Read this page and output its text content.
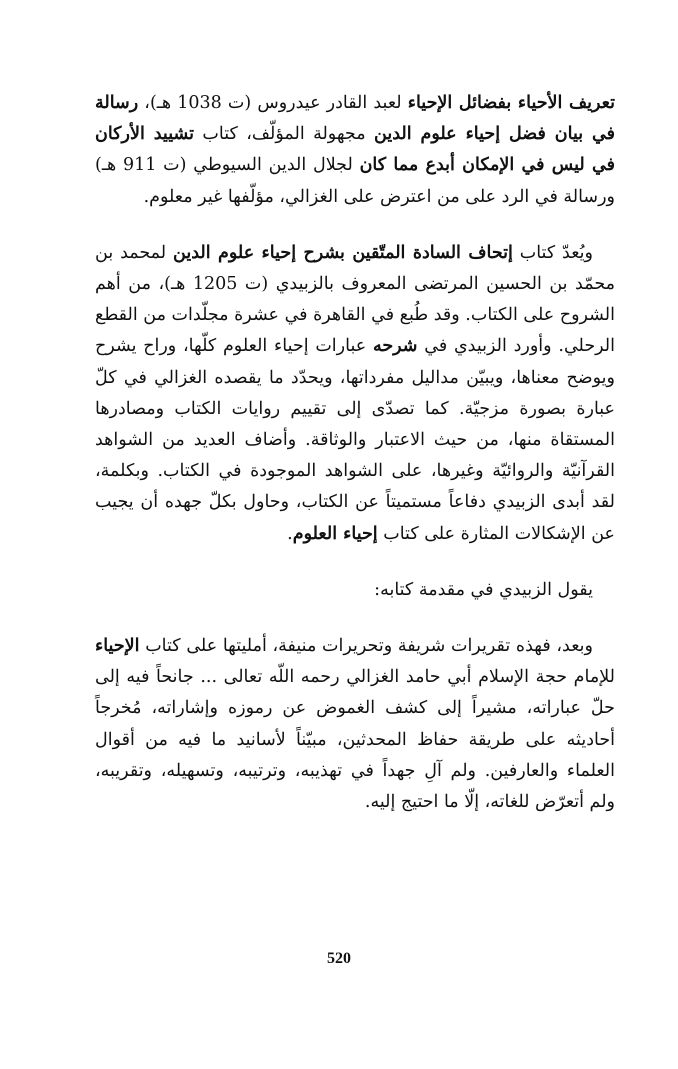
تعريف الأحياء بفضائل الإحياء لعبد القادر عيدروس (ت 1038 هـ)، رسالة في بيان فضل إحياء علوم الدين مجهولة المؤلّف، كتاب تشييد الأركان في ليس في الإمكان أبدع مما كان لجلال الدين السيوطي (ت 911 هـ) ورسالة في الرد على من اعترض على الغزالي، مؤلّفها غير معلوم.

ويُعدّ كتاب إتحاف السادة المتّقين بشرح إحياء علوم الدين لمحمد بن محمّد بن الحسين المرتضى المعروف بالزبيدي (ت 1205 هـ)، من أهم الشروح على الكتاب. وقد طُبع في القاهرة في عشرة مجلّدات من القطع الرحلي. وأورد الزبيدي في شرحه عبارات إحياء العلوم كلّها، وراح يشرح ويوضح معناها، ويبيّن مداليل مفرداتها، ويحدّد ما يقصده الغزالي في كلّ عبارة بصورة مزجيّة. كما تصدّى إلى تقييم روايات الكتاب ومصادرها المستقاة منها، من حيث الاعتبار والوثاقة. وأضاف العديد من الشواهد القرآنيّة والروائيّة وغيرها، على الشواهد الموجودة في الكتاب. وبكلمة، لقد أبدى الزبيدي دفاعاً مستميتاً عن الكتاب، وحاول بكلّ جهده أن يجيب عن الإشكالات المثارة على كتاب إحياء العلوم.

يقول الزبيدي في مقدمة كتابه:

وبعد، فهذه تقريرات شريفة وتحريرات منيفة، أمليتها على كتاب الإحياء للإمام حجة الإسلام أبي حامد الغزالي رحمه اللّه تعالى ... جانحاً فيه إلى حلّ عباراته، مشيراً إلى كشف الغموض عن رموزه وإشاراته، مُخرجاً أحاديثه على طريقة حفاظ المحدثين، مبيّناً لأسانيد ما فيه من أقوال العلماء والعارفين. ولم آلِ جهداً في تهذيبه، وترتيبه، وتسهيله، وتقريبه، ولم أتعرّض للغاته، إلّا ما احتيج إليه.

520
